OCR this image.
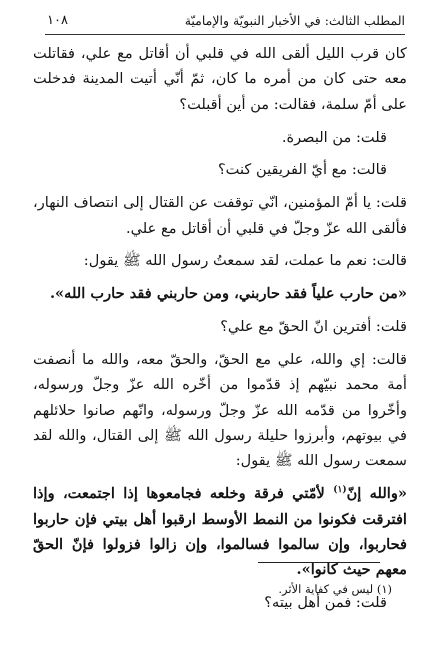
١٠٨	المطلب الثالث: في الأخبار النبويّة والإماميّة

كان قرب الليل ألقى الله في قلبي أن أقاتل مع علي، فقاتلت معه حتى كان من أمره ما كان، ثمّ أنّي أتيت المدينة فدخلت على أمّ سلمة، فقالت: من أين أقبلت؟

قلت: من البصرة.

قالت: مع أيّ الفريقين كنت؟

قلت: يا أمّ المؤمنين، انّي توقفت عن القتال إلى انتصاف النهار، فألقى الله عزّ وجلّ في قلبي أن أقاتل مع علي.

قالت: نعم ما عملت، لقد سمعتُ رسول الله ﷺ يقول:

«من حارب علياً فقد حاربني، ومن حاربني فقد حارب الله».

قلت: أفترين انّ الحقّ مع علي؟

قالت: إي والله، علي مع الحقّ، والحقّ معه، والله ما أنصفت أمة محمد نبيّهم إذ قدّموا من أخّره الله عزّ وجلّ ورسوله، وأخّروا من قدّمه الله عزّ وجلّ ورسوله، وانّهم صانوا حلائلهم في بيوتهم، وأبرزوا حليلة رسول الله ﷺ إلى القتال، والله لقد سمعت رسول الله ﷺ يقول:

«والله إنّ$^{(١)}$ لأمّتي فرقة وخلعه فجامعوها إذا اجتمعت، وإذا افترقت فكونوا من النمط الأوسط ارقبوا أهل بيتي فإن حاربوا فحاربوا، وإن سالموا فسالموا، وإن زالوا فزولوا فإنّ الحقّ معهم حيث كانوا».

قلت: فمن أهل بيته؟

(١) ليس في كفاية الأثر.
